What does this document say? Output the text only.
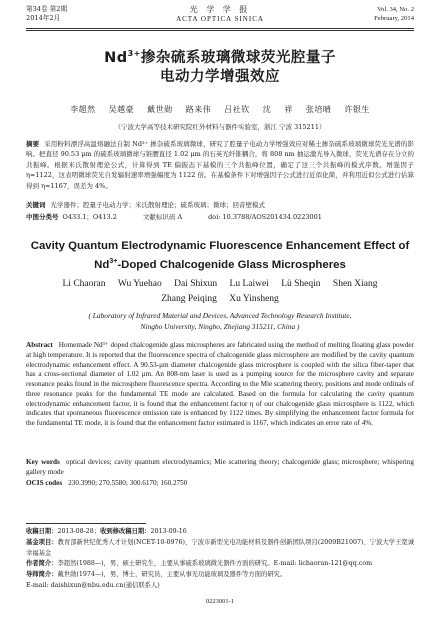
第34卷 第2期
2014年2月
光 学 学 报
ACTA OPTICA SINICA
Vol. 34, No. 2
February, 2014
$Nd^{3+}$掺杂硫系玻璃微球荧光腔量子
电动力学增强效应
李超然 吴越豪 戴世勋 路来伟 吕社钦 沈 祥 张培晴 许银生
（宁波大学高等技术研究院红外材料与器件实验室，浙江 宁波 315211）
摘要 采用粉料漂浮高温熔融法自制 Nd³⁺ 掺杂硫系玻璃微球，研究了腔量子电动力学增强效应对稀土掺杂硫系玻璃微球荧光光谱的影响。把直径 90.53 μm 的硫系玻璃微球与锥腰直径 1.02 μm 的石英光纤锥耦合，将 808 nm 抽运激光导入微球，荧光光谱存在分立的共振峰。根据米氏散射理论公式，计算得到 TE 偏振态下基模的三个共振峰位置，确定了这三个共振峰的模式序数。增强因子 η≈1122，这表明微球荧光自发辐射速率增强幅度为 1122 倍。在基模条件下对增强因子公式进行近似化简，并利用近似公式进行估算得到 η≈1167，误差为 4%。
关键词 光学器件；腔量子电动力学；米氏散射理论；硫系玻璃；微球；回音壁模式
中图分类号 O433.1；O413.2	文献标识码 A	doi: 10.3788/AOS201434.0223001
Cavity Quantum Electrodynamic Fluorescence Enhancement Effect of
$Nd^{3+}$-Doped Chalcogenide Glass Microspheres
Li Chaoran Wu Yuehao Dai Shixun Lu Laiwei Lü Sheqin Shen Xiang
Zhang Peiqing Xu Yinsheng
( Laboratory of Infrared Material and Devices, Advanced Technology Research Institute,
Ningbo University, Ningbo, Zhejiang 315211, China )
Abstract Homemade Nd³⁺ doped chalcogenide glass microspheres are fabricated using the method of melting floating glass powder at high temperature. It is reported that the fluorescence spectra of chalcogenide glass microsphere are modified by the cavity quantum electrodynamic enhancement effect. A 90.53-μm diameter chalcogenide glass microsphere is coupled with the silica fiber-taper that has a cross-sectional diameter of 1.02 μm. An 808-nm laser is used as a pumping source for the microsphere cavity and separate resonance peaks found in the microsphere fluorescence spectra. According to the Mie scattering theory, positions and mode ordinals of three resonance peaks for the fundamental TE mode are calculated. Based on the formula for calculating the cavity quantum electrodynamic enhancement factor, it is found that the enhancement factor η of our chalcogenide glass microsphere is 1122, which indicates that spontaneous fluorescence emission rate is enhanced by 1122 times. By simplifying the enhancement factor formula for the fundamental TE mode, it is found that the enhancement factor estimated is 1167, which indicates an error rate of 4%.
Key words optical devices; cavity quantum electrodynamics; Mie scattering theory; chalcogenide glass; microsphere; whispering gallery mode
OCIS codes 230.3990; 270.5580; 300.6170; 160.2750
收稿日期：2013-08-28；收到修改稿日期：2013-09-16
基金项目：教育部新世纪优秀人才计划(NCET-10-0976)、宁波市新型光电功能材料及器件创新团队项目(2009B21007)、宁波大学王宽诚幸福基金
作者简介：李超然(1988—)，男，硕士研究生，主要从事硫系玻璃微光器件方面的研究。E-mail: lichaoran-121@qq.com
导师简介：戴世勋(1974—)，男，博士，研究员，主要从事光功能玻璃及器件等方面的研究。
E-mail: daishixun@nbu.edu.cn(通信联系人)
0223001-1
